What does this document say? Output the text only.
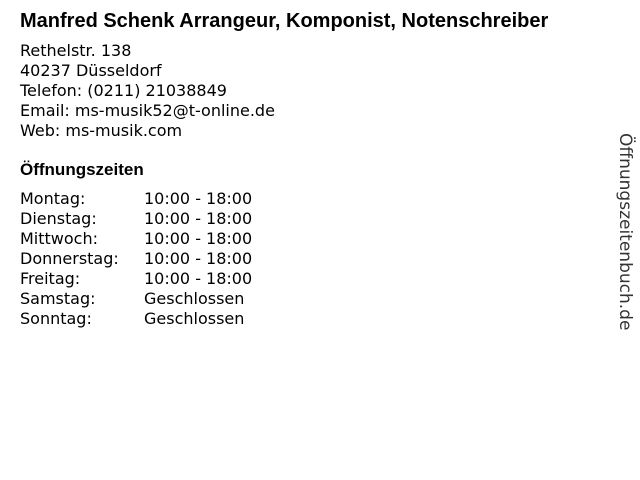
Manfred Schenk Arrangeur, Komponist, Notenschreiber
Rethelstr. 138
40237 Düsseldorf
Telefon: (0211) 21038849
Email: ms-musik52@t-online.de
Web: ms-musik.com
Öffnungszeiten
Montag:	10:00 - 18:00
Dienstag:	10:00 - 18:00
Mittwoch:	10:00 - 18:00
Donnerstag:	10:00 - 18:00
Freitag:	10:00 - 18:00
Samstag:	Geschlossen
Sonntag:	Geschlossen	Öffnungszeitenbuch.de
